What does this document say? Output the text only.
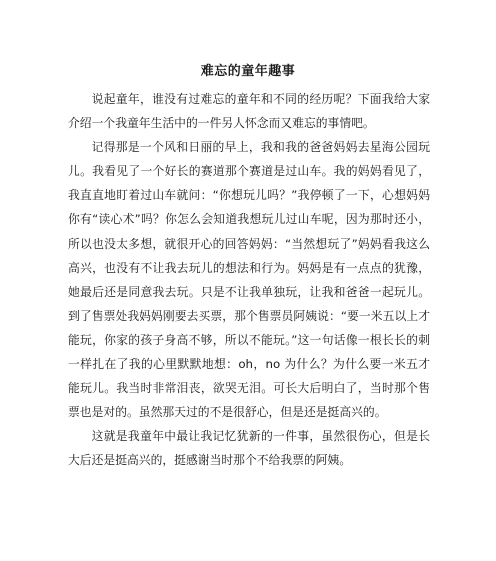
难忘的童年趣事

说起童年，谁没有过难忘的童年和不同的经历呢？下面我给大家介绍一个我童年生活中的一件另人怀念而又难忘的事情吧。

记得那是一个风和日丽的早上，我和我的爸爸妈妈去星海公园玩儿。我看见了一个好长的赛道那个赛道是过山车。我的妈妈看见了，我直直地盯着过山车就问：“你想玩儿吗？”我停顿了一下，心想妈妈你有“读心术”吗？你怎么会知道我想玩儿过山车呢，因为那时还小，所以也没太多想，就很开心的回答妈妈：“当然想玩了”妈妈看我这么高兴，也没有不让我去玩儿的想法和行为。妈妈是有一点点的犹豫，她最后还是同意我去玩。只是不让我单独玩，让我和爸爸一起玩儿。到了售票处我妈妈刚要去买票，那个售票员阿姨说：“要一米五以上才能玩，你家的孩子身高不够，所以不能玩。”这一句话像一根长长的刺一样扎在了我的心里默默地想：oh，no 为什么？为什么要一米五才能玩儿。我当时非常泪丧，欲哭无泪。可长大后明白了，当时那个售票也是对的。虽然那天过的不是很舒心，但是还是挺高兴的。

这就是我童年中最让我记忆犹新的一件事，虽然很伤心，但是长大后还是挺高兴的，挺感谢当时那个不给我票的阿姨。
